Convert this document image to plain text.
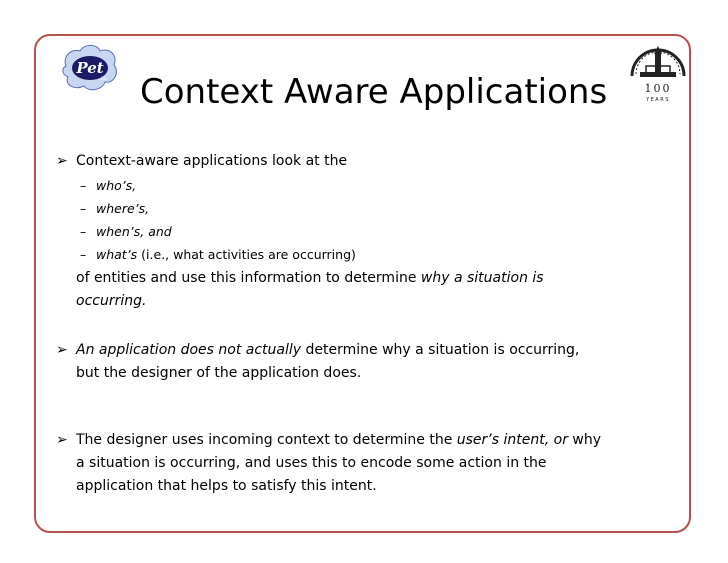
Pet
iisc
100
YEARS
Context Aware Applications
➢ Context-aware applications look at the
– who’s,
– where’s,
– when’s, and
– what’s (i.e., what activities are occurring)
of entities and use this information to determine why a situation is
occurring.
➢ An application does not actually determine why a situation is occurring,
but the designer of the application does.
➢ The designer uses incoming context to determine the user’s intent, or why
a situation is occurring, and uses this to encode some action in the
application that helps to satisfy this intent.
